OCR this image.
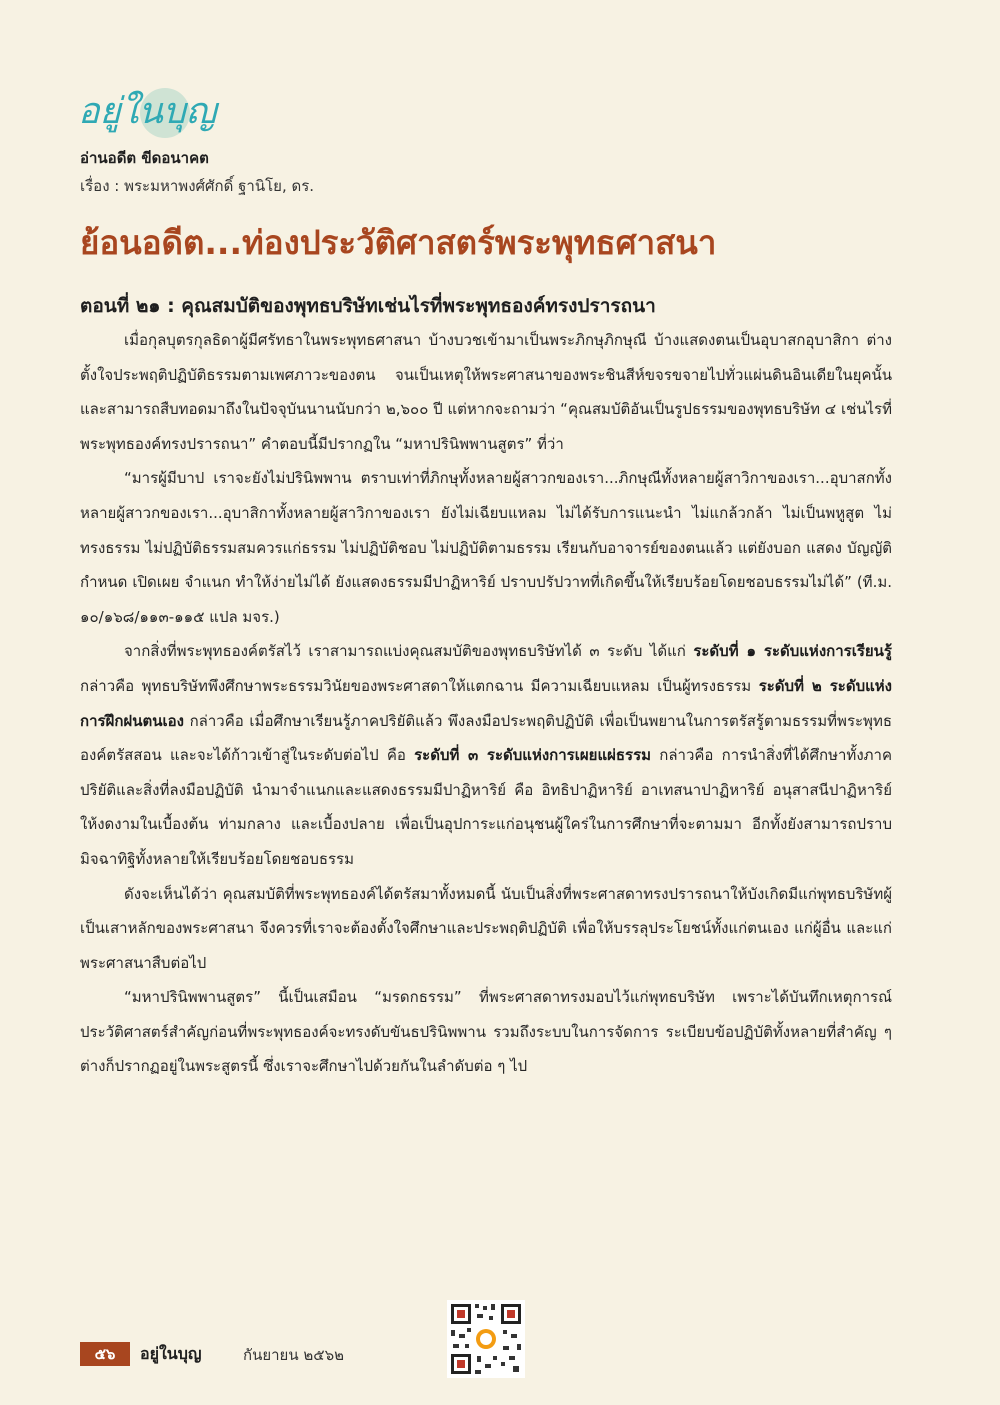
อยู่ในบุญ
อ่านอดีต ขีดอนาคต
เรื่อง : พระมหาพงศ์ศักดิ์ ฐานิโย, ดร.
ย้อนอดีต...ท่องประวัติศาสตร์พระพุทธศาสนา
ตอนที่ ๒๑ : คุณสมบัติของพุทธบริษัทเช่นไรที่พระพุทธองค์ทรงปรารถนา

เมื่อกุลบุตรกุลธิดาผู้มีศรัทธาในพระพุทธศาสนา บ้างบวชเข้ามาเป็นพระภิกษุภิกษุณี บ้างแสดงตนเป็นอุบาสกอุบาสิกา ต่างตั้งใจประพฤติปฏิบัติธรรมตามเพศภาวะของตน จนเป็นเหตุให้พระศาสนาของพระชินสีห์ขจรขจายไปทั่วแผ่นดินอินเดียในยุคนั้น และสามารถสืบทอดมาถึงในปัจจุบันนานนับกว่า ๒,๖๐๐ ปี แต่หากจะถามว่า “คุณสมบัติอันเป็นรูปธรรมของพุทธบริษัท ๔ เช่นไรที่พระพุทธองค์ทรงปรารถนา” คำตอบนี้มีปรากฏใน “มหาปรินิพพานสูตร” ที่ว่า

“มารผู้มีบาป เราจะยังไม่ปรินิพพาน ตราบเท่าที่ภิกษุทั้งหลายผู้สาวกของเรา...ภิกษุณีทั้งหลายผู้สาวิกาของเรา...อุบาสกทั้งหลายผู้สาวกของเรา...อุบาสิกาทั้งหลายผู้สาวิกาของเรา ยังไม่เฉียบแหลม ไม่ได้รับการแนะนำ ไม่แกล้วกล้า ไม่เป็นพหูสูต ไม่ทรงธรรม ไม่ปฏิบัติธรรมสมควรแก่ธรรม ไม่ปฏิบัติชอบ ไม่ปฏิบัติตามธรรม เรียนกับอาจารย์ของตนแล้ว แต่ยังบอก แสดง บัญญัติ กำหนด เปิดเผย จำแนก ทำให้ง่ายไม่ได้ ยังแสดงธรรมมีปาฏิหาริย์ ปราบปรัปวาทที่เกิดขึ้นให้เรียบร้อยโดยชอบธรรมไม่ได้” (ที.ม. ๑๐/๑๖๘/๑๑๓-๑๑๕ แปล มจร.)

จากสิ่งที่พระพุทธองค์ตรัสไว้ เราสามารถแบ่งคุณสมบัติของพุทธบริษัทได้ ๓ ระดับ ได้แก่ ระดับที่ ๑ ระดับแห่งการเรียนรู้ กล่าวคือ พุทธบริษัทพึงศึกษาพระธรรมวินัยของพระศาสดาให้แตกฉาน มีความเฉียบแหลม เป็นผู้ทรงธรรม ระดับที่ ๒ ระดับแห่งการฝึกฝนตนเอง กล่าวคือ เมื่อศึกษาเรียนรู้ภาคปริยัติแล้ว พึงลงมือประพฤติปฏิบัติ เพื่อเป็นพยานในการตรัสรู้ตามธรรมที่พระพุทธองค์ตรัสสอน และจะได้ก้าวเข้าสู่ในระดับต่อไป คือ ระดับที่ ๓ ระดับแห่งการเผยแผ่ธรรม กล่าวคือ การนำสิ่งที่ได้ศึกษาทั้งภาคปริยัติและสิ่งที่ลงมือปฏิบัติ นำมาจำแนกและแสดงธรรมมีปาฏิหาริย์ คือ อิทธิปาฏิหาริย์ อาเทสนาปาฏิหาริย์ อนุสาสนีปาฏิหาริย์ ให้งดงามในเบื้องต้น ท่ามกลาง และเบื้องปลาย เพื่อเป็นอุปการะแก่อนุชนผู้ใคร่ในการศึกษาที่จะตามมา อีกทั้งยังสามารถปราบมิจฉาทิฐิทั้งหลายให้เรียบร้อยโดยชอบธรรม

ดังจะเห็นได้ว่า คุณสมบัติที่พระพุทธองค์ได้ตรัสมาทั้งหมดนี้ นับเป็นสิ่งที่พระศาสดาทรงปรารถนาให้บังเกิดมีแก่พุทธบริษัทผู้เป็นเสาหลักของพระศาสนา จึงควรที่เราจะต้องตั้งใจศึกษาและประพฤติปฏิบัติ เพื่อให้บรรลุประโยชน์ทั้งแก่ตนเอง แก่ผู้อื่น และแก่พระศาสนาสืบต่อไป

“มหาปรินิพพานสูตร” นี้เป็นเสมือน “มรดกธรรม” ที่พระศาสดาทรงมอบไว้แก่พุทธบริษัท เพราะได้บันทึกเหตุการณ์ประวัติศาสตร์สำคัญก่อนที่พระพุทธองค์จะทรงดับขันธปรินิพพาน รวมถึงระบบในการจัดการ ระเบียบข้อปฏิบัติทั้งหลายที่สำคัญ ๆ ต่างก็ปรากฏอยู่ในพระสูตรนี้ ซึ่งเราจะศึกษาไปด้วยกันในลำดับต่อ ๆ ไป

๕๖	อยู่ในบุญ	กันยายน ๒๕๖๒
